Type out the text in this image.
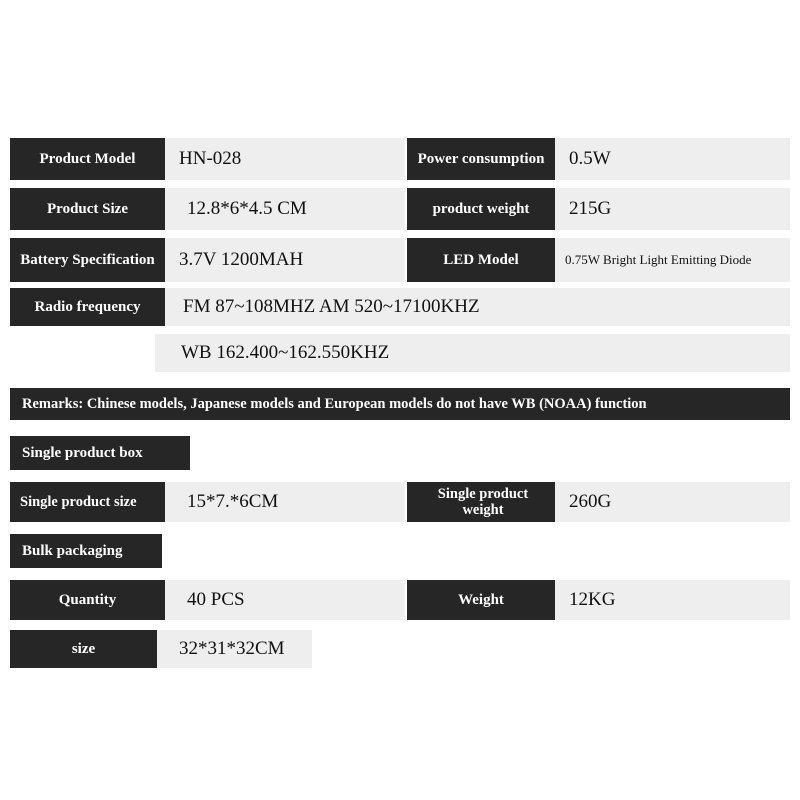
Product Model	HN-028	Power consumption	0.5W
Product Size	12.8*6*4.5 CM	product weight	215G
Battery Specification	3.7V 1200MAH	LED Model	0.75W Bright Light Emitting Diode
Radio frequency	FM 87~108MHZ AM 520~17100KHZ
WB 162.400~162.550KHZ
Remarks: Chinese models, Japanese models and European models do not have WB (NOAA) function
Single product box
Single product size	15*7.*6CM	Single product weight	260G
Bulk packaging
Quantity	40 PCS	Weight	12KG
size	32*31*32CM
